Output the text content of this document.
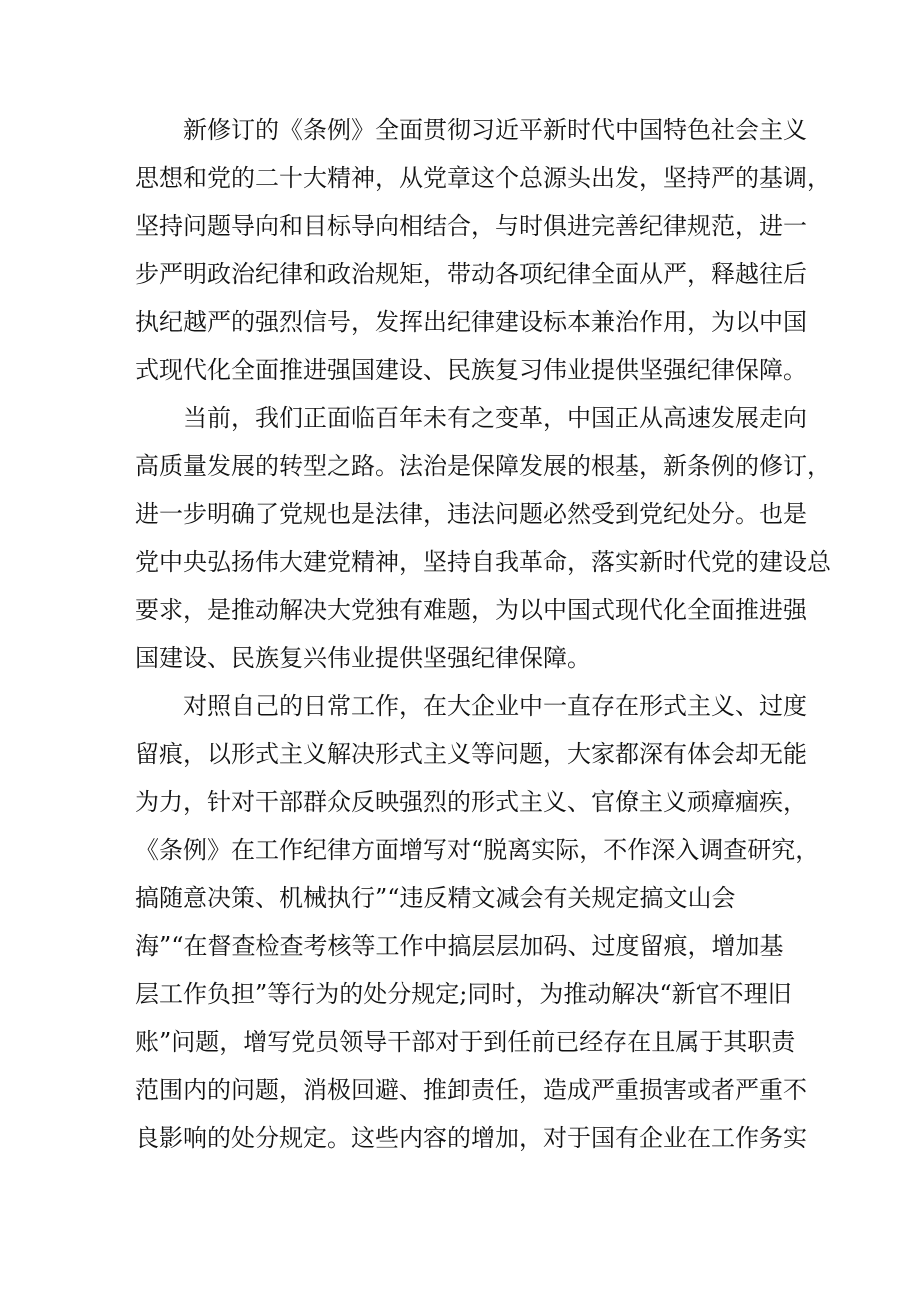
新修订的《条例》全面贯彻习近平新时代中国特色社会主义
思想和党的二十大精神，从党章这个总源头出发，坚持严的基调，
坚持问题导向和目标导向相结合，与时俱进完善纪律规范，进一
步严明政治纪律和政治规矩，带动各项纪律全面从严，释越往后
执纪越严的强烈信号，发挥出纪律建设标本兼治作用，为以中国
式现代化全面推进强国建设、民族复习伟业提供坚强纪律保障。
当前，我们正面临百年未有之变革，中国正从高速发展走向
高质量发展的转型之路。法治是保障发展的根基，新条例的修订，
进一步明确了党规也是法律，违法问题必然受到党纪处分。也是
党中央弘扬伟大建党精神，坚持自我革命，落实新时代党的建设总
要求，是推动解决大党独有难题，为以中国式现代化全面推进强
国建设、民族复兴伟业提供坚强纪律保障。
对照自己的日常工作，在大企业中一直存在形式主义、过度
留痕，以形式主义解决形式主义等问题，大家都深有体会却无能
为力，针对干部群众反映强烈的形式主义、官僚主义顽瘴痼疾，
《条例》在工作纪律方面增写对“脱离实际，不作深入调查研究，
搞随意决策、机械执行”“违反精文减会有关规定搞文山会
海”“在督查检查考核等工作中搞层层加码、过度留痕，增加基
层工作负担”等行为的处分规定;同时，为推动解决“新官不理旧
账”问题，增写党员领导干部对于到任前已经存在且属于其职责
范围内的问题，消极回避、推卸责任，造成严重损害或者严重不
良影响的处分规定。这些内容的增加，对于国有企业在工作务实
